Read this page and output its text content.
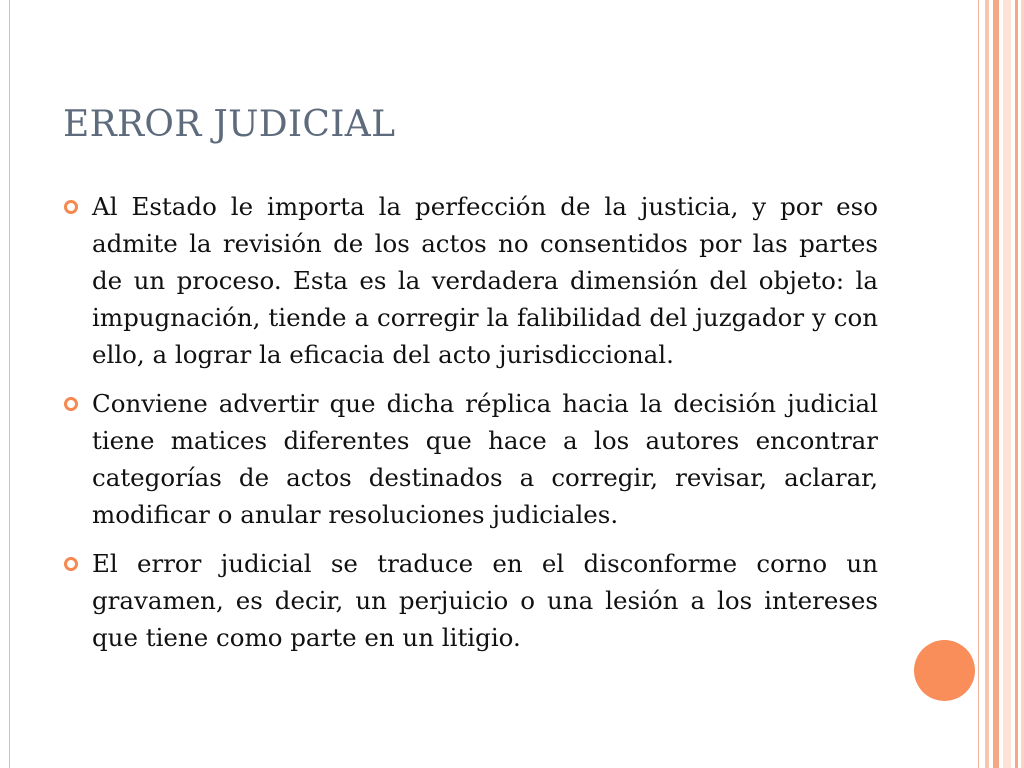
ERROR JUDICIAL
Al Estado le importa la perfección de la justicia, y por eso admite la revisión de los actos no consentidos por las partes de un proceso. Esta es la verdadera dimensión del objeto: la impugnación, tiende a corregir la falibilidad del juzgador y con ello, a lograr la eficacia del acto jurisdiccional.
Conviene advertir que dicha réplica hacia la decisión judicial tiene matices diferentes que hace a los autores encontrar categorías de actos destinados a corregir, revisar, aclarar, modificar o anular resoluciones judiciales.
El error judicial se traduce en el disconforme corno un gravamen, es decir, un perjuicio o una lesión a los intereses que tiene como parte en un litigio.
